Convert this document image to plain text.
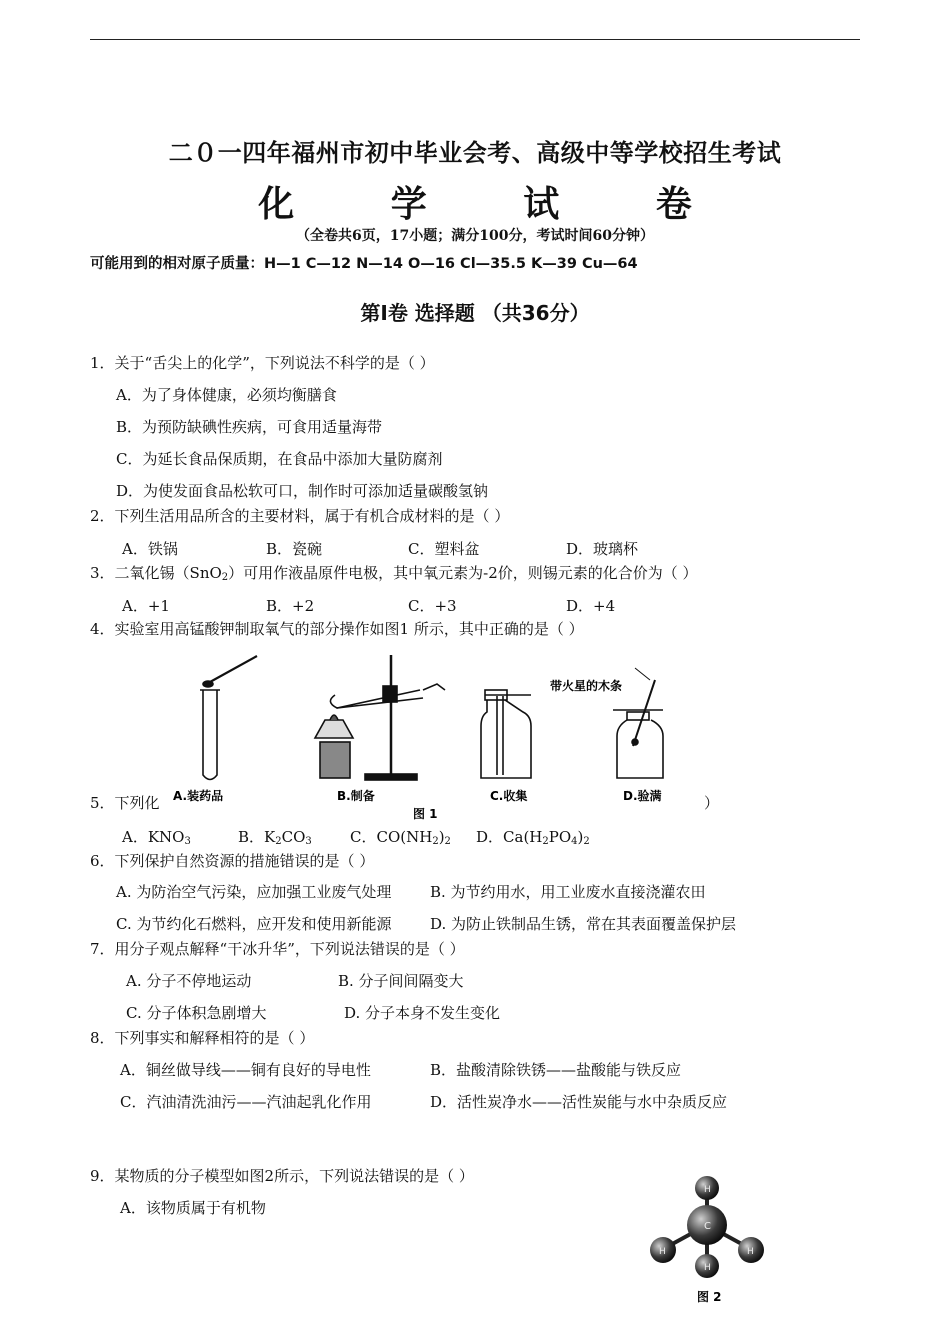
二０一四年福州市初中毕业会考、高级中等学校招生考试
化 学 试 卷
（全卷共6页，17小题；满分100分，考试时间60分钟）
可能用到的相对原子质量：H—1 C—12 N—14 O—16 Cl—35.5 K—39 Cu—64
第Ⅰ卷 选择题 （共36分）
1．关于“舌尖上的化学”，下列说法不科学的是（ ）
A．为了身体健康，必须均衡膳食
B．为预防缺碘性疾病，可食用适量海带
C．为延长食品保质期，在食品中添加大量防腐剂
D．为使发面食品松软可口，制作时可添加适量碳酸氢钠
2．下列生活用品所含的主要材料，属于有机合成材料的是（ ）
A．铁锅	B．瓷碗	C．塑料盆	D．玻璃杯
3．二氧化锡（SnO$_2$）可用作液晶原件电极，其中氧元素为-2价，则锡元素的化合价为（ ）
A．+1	B．+2	C．+3	D．+4
4．实验室用高锰酸钾制取氧气的部分操作如图1 所示，其中正确的是（ ）
带火星的木条
A.装药品	B.制备	C.收集	D.验满
图 1
5．下列化	）
A．$KNO_3$	B．$K_2CO_3$	C．$CO(NH_2)_2$ D．$Ca(H_2PO_4)_2$
6．下列保护自然资源的措施错误的是（ ）
A. 为防治空气污染，应加强工业废气处理	B. 为节约用水，用工业废水直接浇灌农田
C. 为节约化石燃料，应开发和使用新能源	D. 为防止铁制品生锈，常在其表面覆盖保护层
7．用分子观点解释“干冰升华”，下列说法错误的是（ ）
A. 分子不停地运动	B. 分子间间隔变大
C. 分子体积急剧增大	D. 分子本身不发生变化
8．下列事实和解释相符的是（ ）
A．铜丝做导线——铜有良好的导电性	B．盐酸清除铁锈——盐酸能与铁反应
C．汽油清洗油污——汽油起乳化作用	D．活性炭净水——活性炭能与水中杂质反应
9．某物质的分子模型如图2所示，下列说法错误的是（ ）
A．该物质属于有机物
H
H	H
H
C
图 2
